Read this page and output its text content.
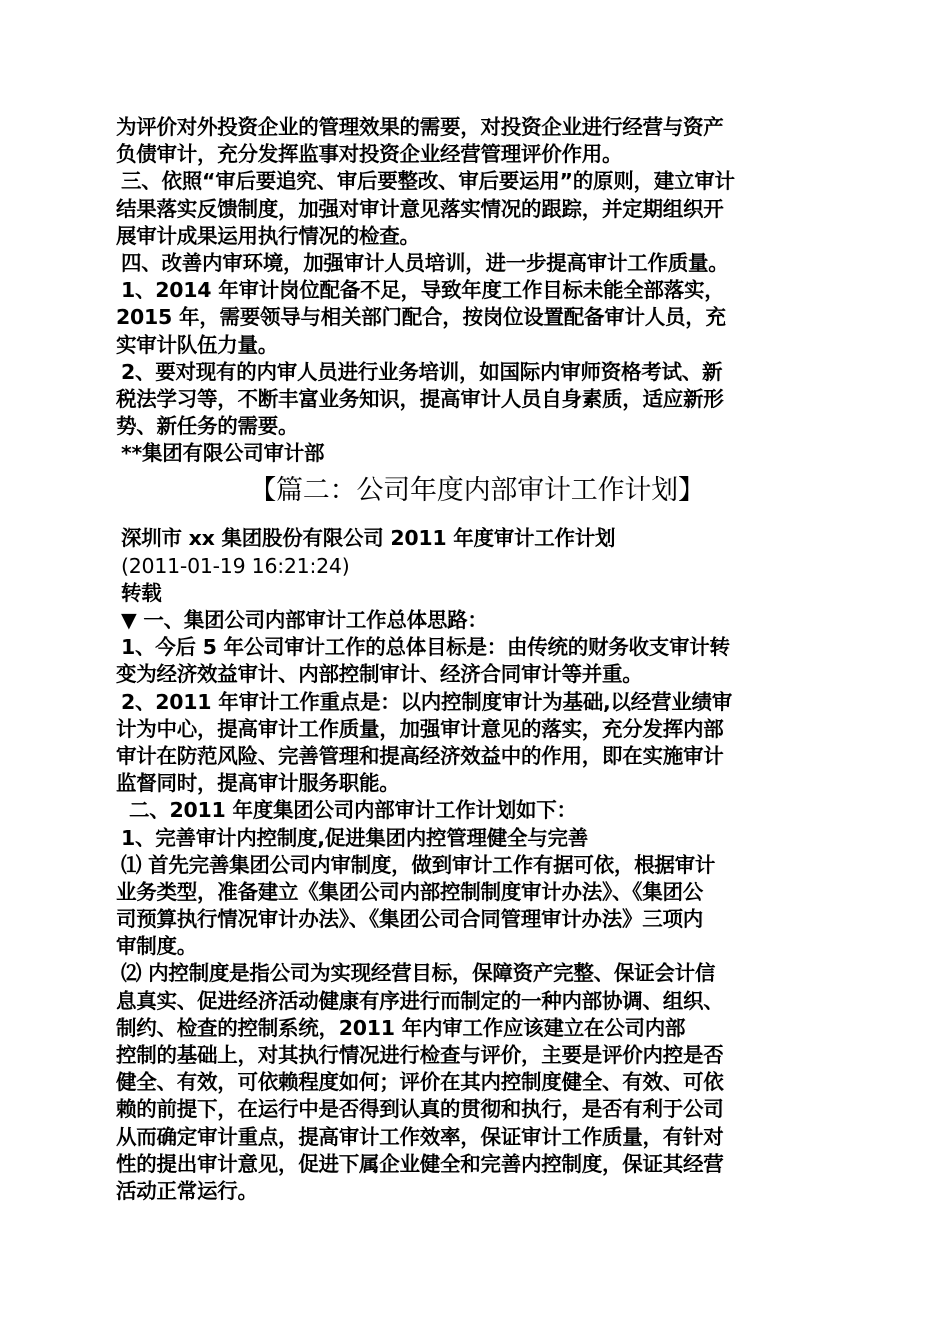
为评价对外投资企业的管理效果的需要，对投资企业进行经营与资产
负债审计，充分发挥监事对投资企业经营管理评价作用。
三、依照“审后要追究、审后要整改、审后要运用”的原则，建立审计
结果落实反馈制度，加强对审计意见落实情况的跟踪，并定期组织开
展审计成果运用执行情况的检查。
四、改善内审环境，加强审计人员培训，进一步提高审计工作质量。
1、2014 年审计岗位配备不足，导致年度工作目标未能全部落实，
2015 年，需要领导与相关部门配合，按岗位设置配备审计人员，充
实审计队伍力量。
2、要对现有的内审人员进行业务培训，如国际内审师资格考试、新
税法学习等，不断丰富业务知识，提高审计人员自身素质，适应新形
势、新任务的需要。
**集团有限公司审计部
【篇二：公司年度内部审计工作计划】
深圳市 xx 集团股份有限公司 2011 年度审计工作计划
(2011-01-19 16:21:24)
转载
▼ 一、集团公司内部审计工作总体思路：
1、今后 5 年公司审计工作的总体目标是：由传统的财务收支审计转
变为经济效益审计、内部控制审计、经济合同审计等并重。
2、2011 年审计工作重点是：以内控制度审计为基础,以经营业绩审
计为中心，提高审计工作质量，加强审计意见的落实，充分发挥内部
审计在防范风险、完善管理和提高经济效益中的作用，即在实施审计
监督同时，提高审计服务职能。
二、2011 年度集团公司内部审计工作计划如下：
1、完善审计内控制度,促进集团内控管理健全与完善
⑴ 首先完善集团公司内审制度，做到审计工作有据可依，根据审计
业务类型，准备建立《集团公司内部控制制度审计办法》、《集团公
司预算执行情况审计办法》、《集团公司合同管理审计办法》三项内
审制度。
⑵ 内控制度是指公司为实现经营目标，保障资产完整、保证会计信
息真实、促进经济活动健康有序进行而制定的一种内部协调、组织、
制约、检查的控制系统，2011 年内审工作应该建立在公司内部
控制的基础上，对其执行情况进行检查与评价，主要是评价内控是否
健全、有效，可依赖程度如何；评价在其内控制度健全、有效、可依
赖的前提下，在运行中是否得到认真的贯彻和执行，是否有利于公司
从而确定审计重点，提高审计工作效率，保证审计工作质量，有针对
性的提出审计意见，促进下属企业健全和完善内控制度，保证其经营
活动正常运行。
